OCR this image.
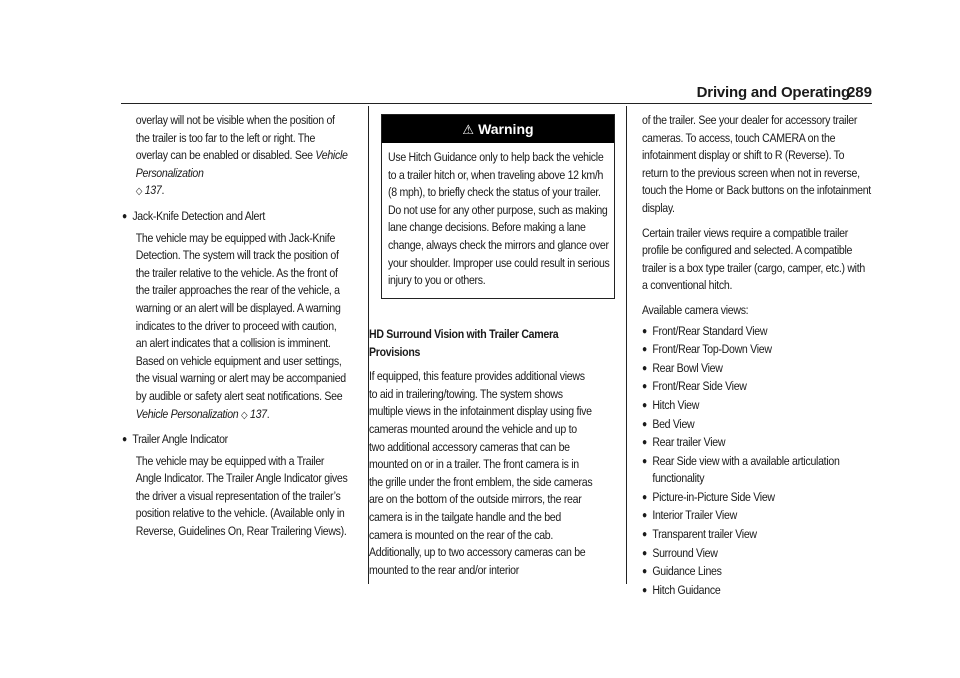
Driving and Operating
289

overlay will not be visible when the position of the trailer is too far to the left or right. The overlay can be enabled or disabled. See Vehicle Personalization
◇ 137.

● Jack-Knife Detection and Alert

The vehicle may be equipped with Jack-Knife Detection. The system will track the position of the trailer relative to the vehicle. As the front of the trailer approaches the rear of the vehicle, a warning or an alert will be displayed. A warning indicates to the driver to proceed with caution, an alert indicates that a collision is imminent. Based on vehicle equipment and user settings, the visual warning or alert may be accompanied by audible or safety alert seat notifications. See Vehicle Personalization ◇ 137.

● Trailer Angle Indicator

The vehicle may be equipped with a Trailer Angle Indicator. The Trailer Angle Indicator gives the driver a visual representation of the trailer’s position relative to the vehicle. (Available only in Reverse, Guidelines On, Rear Trailering Views).

⚠ Warning
Use Hitch Guidance only to help back the vehicle to a trailer hitch or, when traveling above 12 km/h (8 mph), to briefly check the status of your trailer. Do not use for any other purpose, such as making lane change decisions. Before making a lane change, always check the mirrors and glance over your shoulder. Improper use could result in serious injury to you or others.

HD Surround Vision with Trailer Camera Provisions

If equipped, this feature provides additional views to aid in trailering/towing. The system shows multiple views in the infotainment display using five cameras mounted around the vehicle and up to two additional accessory cameras that can be mounted on or in a trailer. The front camera is in the grille under the front emblem, the side cameras are on the bottom of the outside mirrors, the rear camera is in the tailgate handle and the bed camera is mounted on the rear of the cab. Additionally, up to two accessory cameras can be mounted to the rear and/or interior

of the trailer. See your dealer for accessory trailer cameras. To access, touch CAMERA on the infotainment display or shift to R (Reverse). To return to the previous screen when not in reverse, touch the Home or Back buttons on the infotainment display.

Certain trailer views require a compatible trailer profile be configured and selected. A compatible trailer is a box type trailer (cargo, camper, etc.) with a conventional hitch.

Available camera views:

● Front/Rear Standard View
● Front/Rear Top-Down View
● Rear Bowl View
● Front/Rear Side View
● Hitch View
● Bed View
● Rear trailer View
● Rear Side view with a available articulation functionality
● Picture-in-Picture Side View
● Interior Trailer View
● Transparent trailer View
● Surround View
● Guidance Lines
● Hitch Guidance
